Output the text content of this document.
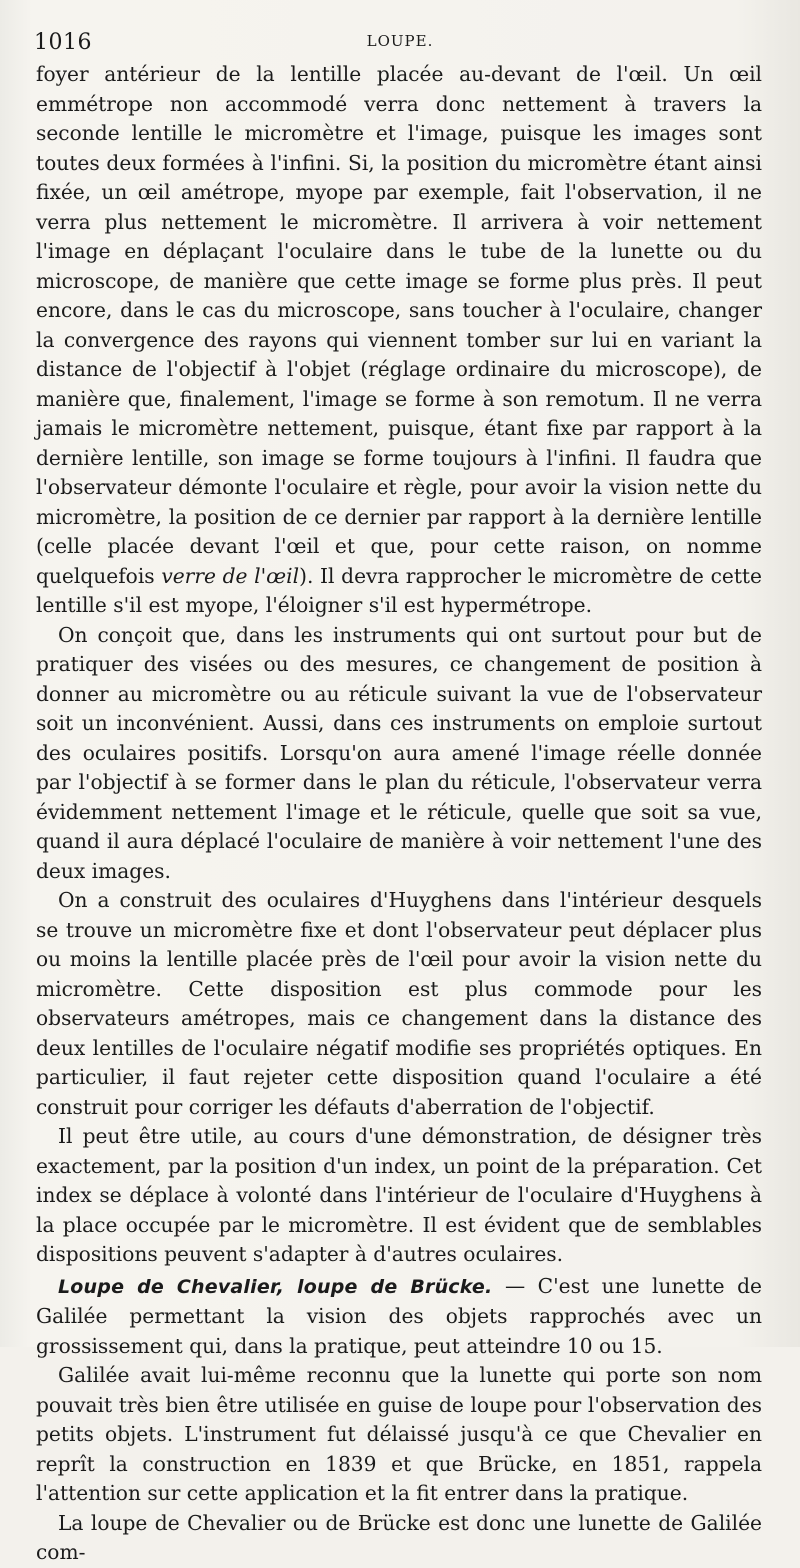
1016	LOUPE.

foyer antérieur de la lentille placée au-devant de l'œil. Un œil emmétrope non accommodé verra donc nettement à travers la seconde lentille le micromètre et l'image, puisque les images sont toutes deux formées à l'infini. Si, la position du micromètre étant ainsi fixée, un œil amétrope, myope par exemple, fait l'observation, il ne verra plus nettement le micromètre. Il arrivera à voir nettement l'image en déplaçant l'oculaire dans le tube de la lunette ou du microscope, de manière que cette image se forme plus près. Il peut encore, dans le cas du microscope, sans toucher à l'oculaire, changer la convergence des rayons qui viennent tomber sur lui en variant la distance de l'objectif à l'objet (réglage ordinaire du microscope), de manière que, finalement, l'image se forme à son remotum. Il ne verra jamais le micromètre nettement, puisque, étant fixe par rapport à la dernière lentille, son image se forme toujours à l'infini. Il faudra que l'observateur démonte l'oculaire et règle, pour avoir la vision nette du micromètre, la position de ce dernier par rapport à la dernière lentille (celle placée devant l'œil et que, pour cette raison, on nomme quelquefois verre de l'œil). Il devra rapprocher le micromètre de cette lentille s'il est myope, l'éloigner s'il est hypermétrope.

On conçoit que, dans les instruments qui ont surtout pour but de pratiquer des visées ou des mesures, ce changement de position à donner au micromètre ou au réticule suivant la vue de l'observateur soit un inconvénient. Aussi, dans ces instruments on emploie surtout des oculaires positifs. Lorsqu'on aura amené l'image réelle donnée par l'objectif à se former dans le plan du réticule, l'observateur verra évidemment nettement l'image et le réticule, quelle que soit sa vue, quand il aura déplacé l'oculaire de manière à voir nettement l'une des deux images.

On a construit des oculaires d'Huyghens dans l'intérieur desquels se trouve un micromètre fixe et dont l'observateur peut déplacer plus ou moins la lentille placée près de l'œil pour avoir la vision nette du micromètre. Cette disposition est plus commode pour les observateurs amétropes, mais ce changement dans la distance des deux lentilles de l'oculaire négatif modifie ses propriétés optiques. En particulier, il faut rejeter cette disposition quand l'oculaire a été construit pour corriger les défauts d'aberration de l'objectif.

Il peut être utile, au cours d'une démonstration, de désigner très exactement, par la position d'un index, un point de la préparation. Cet index se déplace à volonté dans l'intérieur de l'oculaire d'Huyghens à la place occupée par le micromètre. Il est évident que de semblables dispositions peuvent s'adapter à d'autres oculaires.

Loupe de Chevalier, loupe de Brücke. — C'est une lunette de Galilée permettant la vision des objets rapprochés avec un grossissement qui, dans la pratique, peut atteindre 10 ou 15.

Galilée avait lui-même reconnu que la lunette qui porte son nom pouvait très bien être utilisée en guise de loupe pour l'observation des petits objets. L'instrument fut délaissé jusqu'à ce que Chevalier en reprît la construction en 1839 et que Brücke, en 1851, rappela l'attention sur cette application et la fit entrer dans la pratique.

La loupe de Chevalier ou de Brücke est donc une lunette de Galilée com-
